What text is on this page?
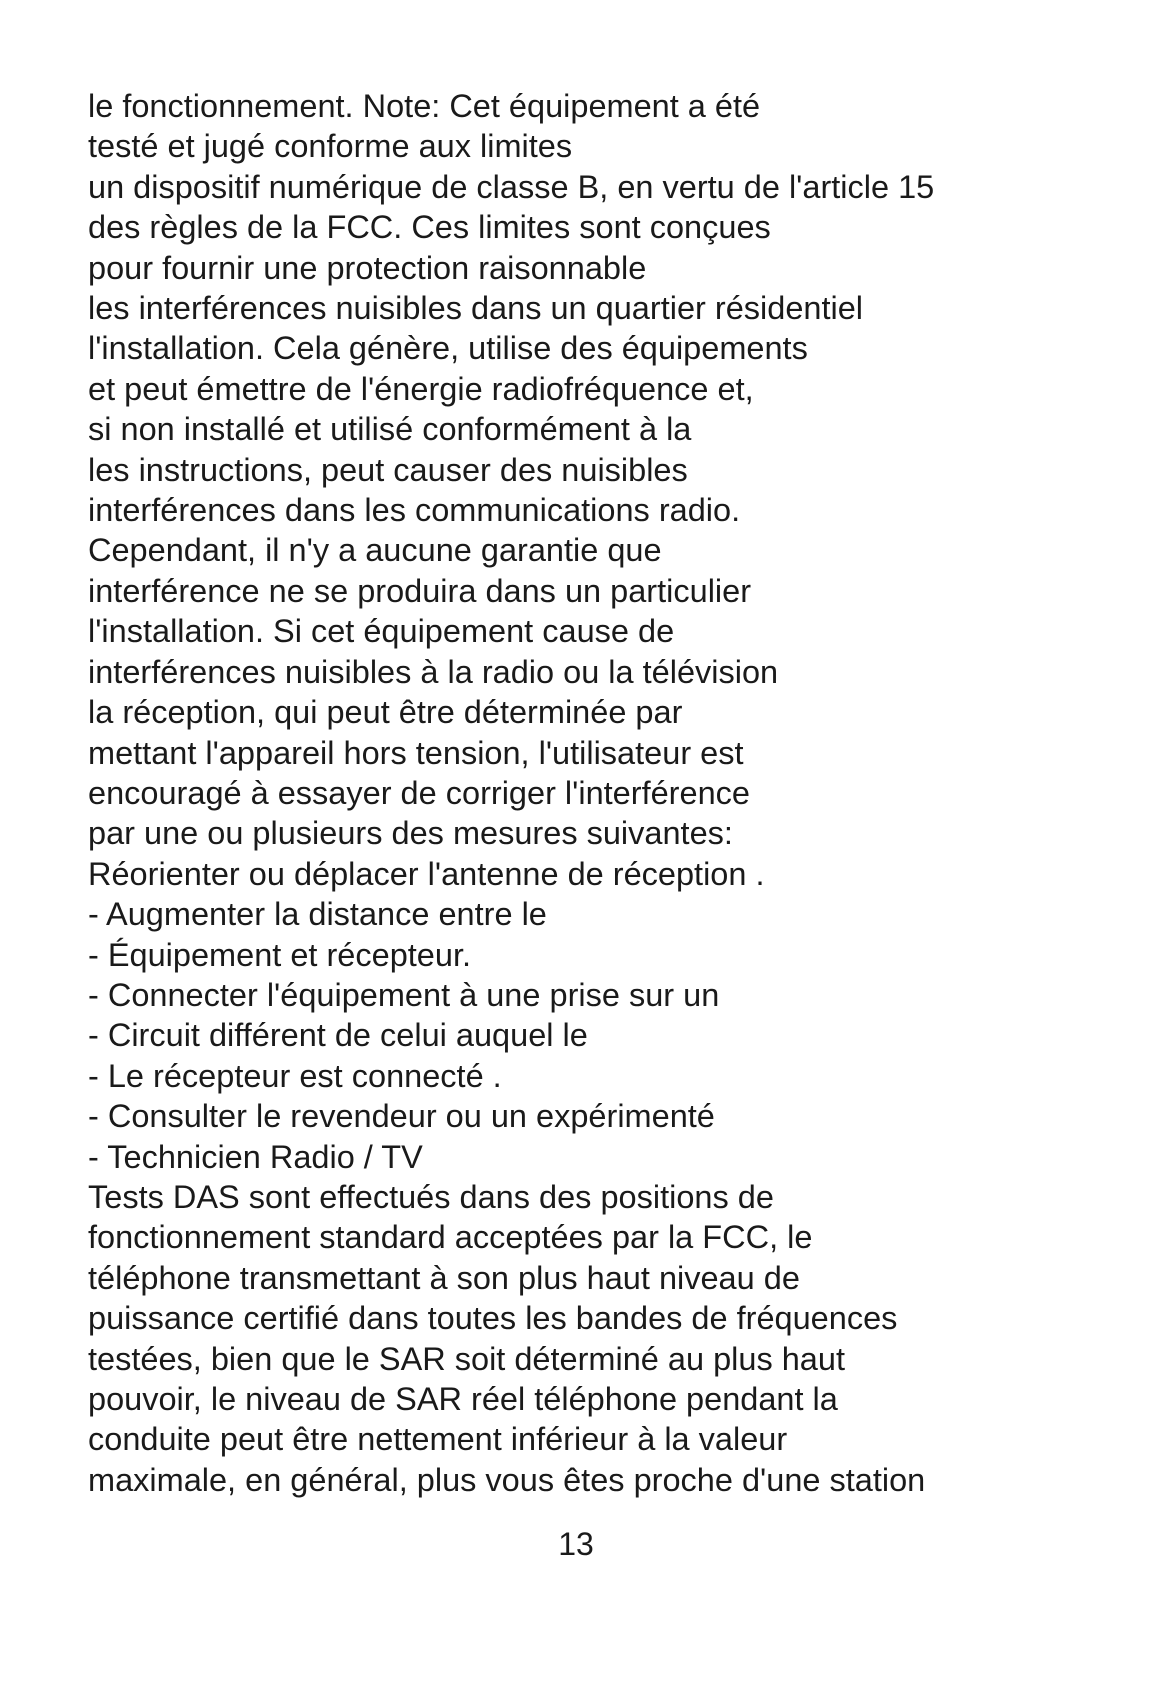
le fonctionnement. Note: Cet équipement a été
testé et jugé conforme aux limites
un dispositif numérique de classe B, en vertu de l'article 15
des règles de la FCC. Ces limites sont conçues
pour fournir une protection raisonnable
les interférences nuisibles dans un quartier résidentiel
l'installation. Cela génère, utilise des équipements
et peut émettre de l'énergie radiofréquence et,
si non installé et utilisé conformément à la
les instructions, peut causer des nuisibles
interférences dans les communications radio.
Cependant, il n'y a aucune garantie que
interférence ne se produira dans un particulier
l'installation. Si cet équipement cause de
interférences nuisibles à la radio ou la télévision
la réception, qui peut être déterminée par
mettant l'appareil hors tension, l'utilisateur est
encouragé à essayer de corriger l'interférence
par une ou plusieurs des mesures suivantes:
Réorienter ou déplacer l'antenne de réception .
- Augmenter la distance entre le
- Équipement et récepteur.
- Connecter l'équipement à une prise sur un
- Circuit différent de celui auquel le
- Le récepteur est connecté .
- Consulter le revendeur ou un expérimenté
- Technicien Radio / TV
Tests DAS sont effectués dans des positions de
fonctionnement standard acceptées par la FCC, le
téléphone transmettant à son plus haut niveau de
puissance certifié dans toutes les bandes de fréquences
testées, bien que le SAR soit déterminé au plus haut
pouvoir, le niveau de SAR réel téléphone pendant la
conduite peut être nettement inférieur à la valeur
maximale, en général, plus vous êtes proche d'une station
13
